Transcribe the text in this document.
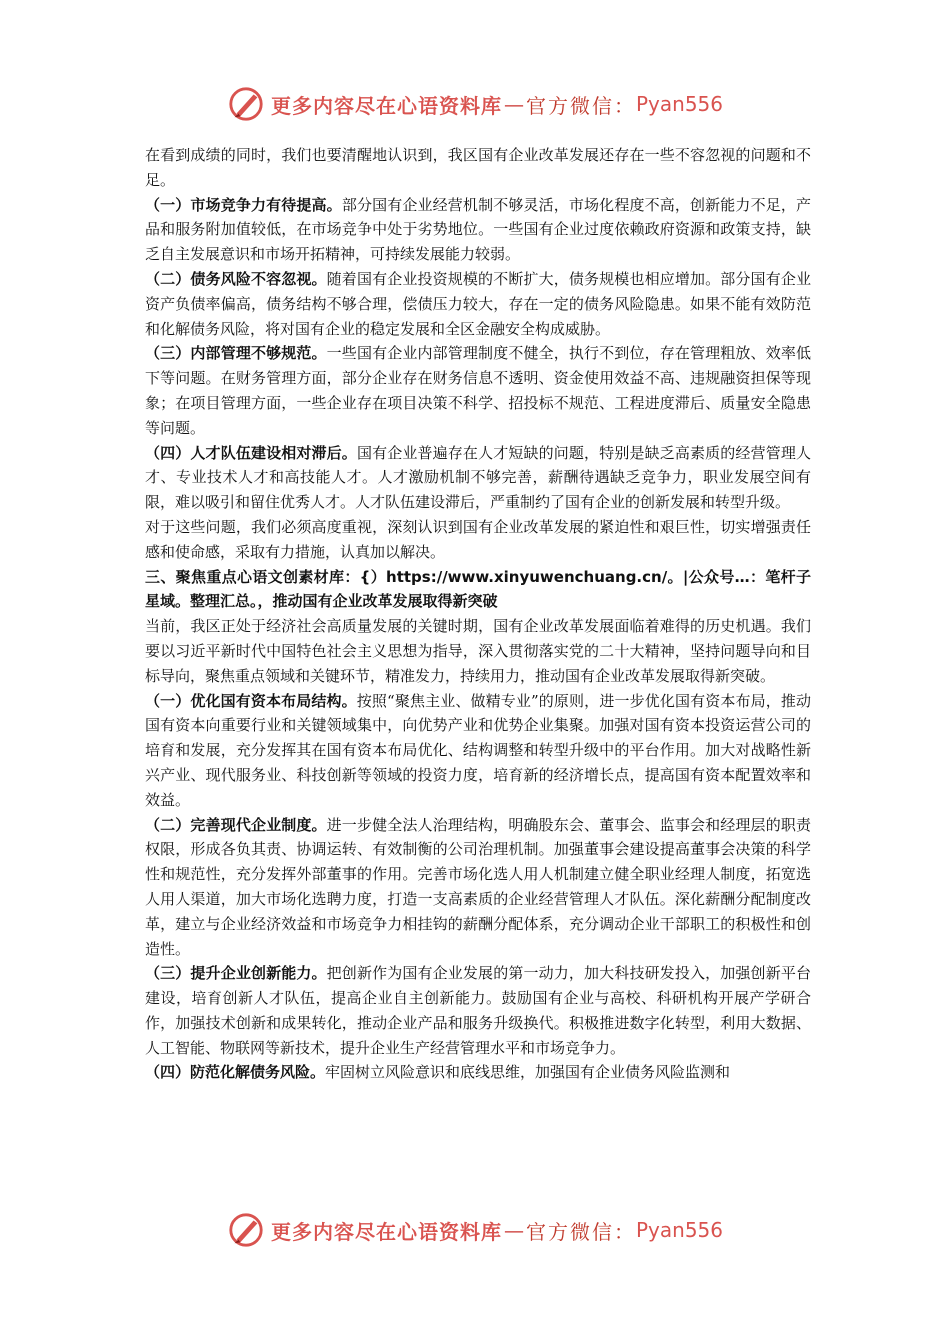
更多内容尽在心语资料库 — 官方微信： Pyan556

在看到成绩的同时，我们也要清醒地认识到，我区国有企业改革发展还存在一些不容忽视的问题和不足。

（一）市场竞争力有待提高。部分国有企业经营机制不够灵活，市场化程度不高，创新能力不足，产品和服务附加值较低，在市场竞争中处于劣势地位。一些国有企业过度依赖政府资源和政策支持，缺乏自主发展意识和市场开拓精神，可持续发展能力较弱。

（二）债务风险不容忽视。随着国有企业投资规模的不断扩大，债务规模也相应增加。部分国有企业资产负债率偏高，债务结构不够合理，偿债压力较大，存在一定的债务风险隐患。如果不能有效防范和化解债务风险，将对国有企业的稳定发展和全区金融安全构成威胁。

（三）内部管理不够规范。一些国有企业内部管理制度不健全，执行不到位，存在管理粗放、效率低下等问题。在财务管理方面，部分企业存在财务信息不透明、资金使用效益不高、违规融资担保等现象；在项目管理方面，一些企业存在项目决策不科学、招投标不规范、工程进度滞后、质量安全隐患等问题。

（四）人才队伍建设相对滞后。国有企业普遍存在人才短缺的问题，特别是缺乏高素质的经营管理人才、专业技术人才和高技能人才。人才激励机制不够完善，薪酬待遇缺乏竞争力，职业发展空间有限，难以吸引和留住优秀人才。人才队伍建设滞后，严重制约了国有企业的创新发展和转型升级。

对于这些问题，我们必须高度重视，深刻认识到国有企业改革发展的紧迫性和艰巨性，切实增强责任感和使命感，采取有力措施，认真加以解决。

三、聚焦重点心语文创素材库：{）https://www.xinyuwenchuang.cn/。|公众号…：笔杆子星域。整理汇总。，推动国有企业改革发展取得新突破

当前，我区正处于经济社会高质量发展的关键时期，国有企业改革发展面临着难得的历史机遇。我们要以习近平新时代中国特色社会主义思想为指导，深入贯彻落实党的二十大精神，坚持问题导向和目标导向，聚焦重点领域和关键环节，精准发力，持续用力，推动国有企业改革发展取得新突破。

（一）优化国有资本布局结构。按照“聚焦主业、做精专业”的原则，进一步优化国有资本布局，推动国有资本向重要行业和关键领域集中，向优势产业和优势企业集聚。加强对国有资本投资运营公司的培育和发展，充分发挥其在国有资本布局优化、结构调整和转型升级中的平台作用。加大对战略性新兴产业、现代服务业、科技创新等领域的投资力度，培育新的经济增长点，提高国有资本配置效率和效益。

（二）完善现代企业制度。进一步健全法人治理结构，明确股东会、董事会、监事会和经理层的职责权限，形成各负其责、协调运转、有效制衡的公司治理机制。加强董事会建设提高董事会决策的科学性和规范性，充分发挥外部董事的作用。完善市场化选人用人机制建立健全职业经理人制度，拓宽选人用人渠道，加大市场化选聘力度，打造一支高素质的企业经营管理人才队伍。深化薪酬分配制度改革，建立与企业经济效益和市场竞争力相挂钩的薪酬分配体系，充分调动企业干部职工的积极性和创造性。

（三）提升企业创新能力。把创新作为国有企业发展的第一动力，加大科技研发投入，加强创新平台建设，培育创新人才队伍，提高企业自主创新能力。鼓励国有企业与高校、科研机构开展产学研合作，加强技术创新和成果转化，推动企业产品和服务升级换代。积极推进数字化转型，利用大数据、人工智能、物联网等新技术，提升企业生产经营管理水平和市场竞争力。

（四）防范化解债务风险。牢固树立风险意识和底线思维，加强国有企业债务风险监测和

更多内容尽在心语资料库 — 官方微信： Pyan556
